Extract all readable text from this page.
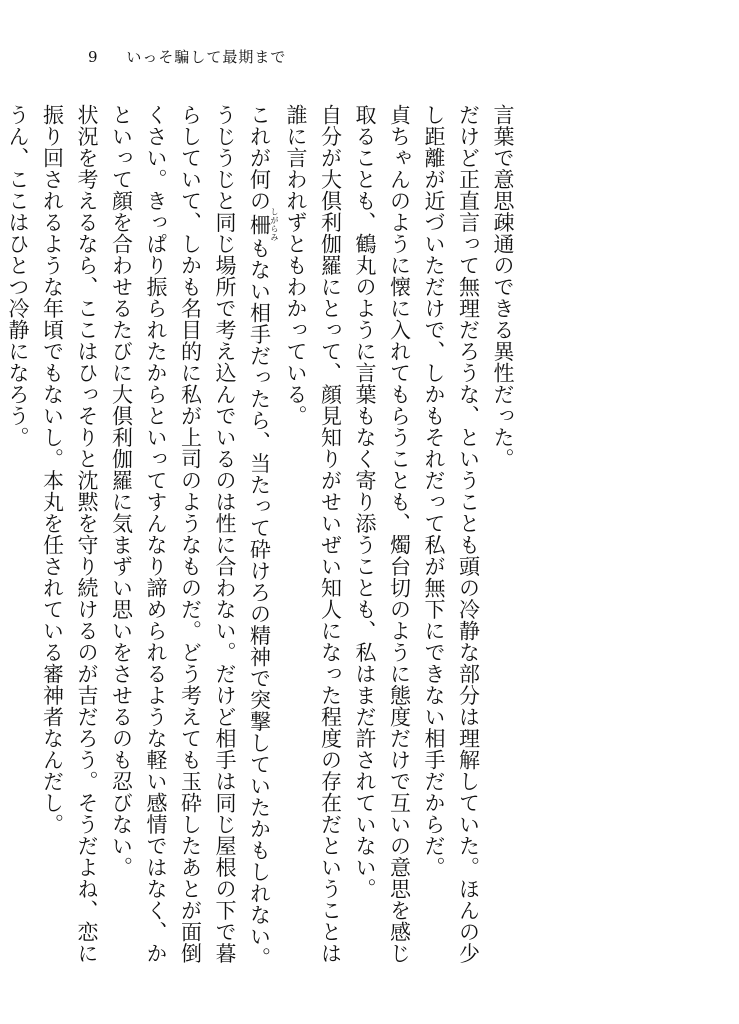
9 いっそ騙して最期まで

言葉で意思疎通のできる異性だった。

だけど正直言って無理だろうな、ということも頭の冷静な部分は理解していた。ほんの少し距離が近づいただけで、しかもそれだって私が無下にできない相手だからだ。

貞ちゃんのように懐に入れてもらうことも、燭台切のように態度だけで互いの意思を感じ取ることも、鶴丸のように言葉もなく寄り添うことも、私はまだ許されていない。

自分が大倶利伽羅にとって、顔見知りがせいぜい知人になった程度の存在だということは誰に言われずともわかっている。

これが何の柵しがらみもない相手だったら、当たって砕けろの精神で突撃していたかもしれない。うじうじと同じ場所で考え込んでいるのは性に合わない。だけど相手は同じ屋根の下で暮らしていて、しかも名目的に私が上司のようなものだ。どう考えても玉砕したあとが面倒くさい。きっぱり振られたからといってすんなり諦められるような軽い感情ではなく、かといって顔を合わせるたびに大倶利伽羅に気まずい思いをさせるのも忍びない。

状況を考えるなら、ここはひっそりと沈黙を守り続けるのが吉だろう。そうだよね、恋に振り回されるような年頃でもないし。本丸を任されている審神者なんだし。

うん、ここはひとつ冷静になろう。
